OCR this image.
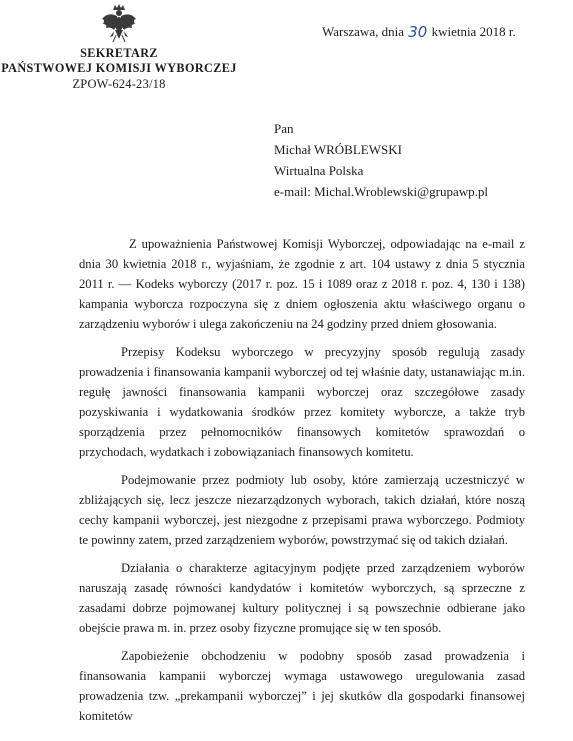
SEKRETARZ
PAŃSTWOWEJ KOMISJI WYBORCZEJ
ZPOW-624-23/18
Warszawa, dnia 30 kwietnia 2018 r.
Pan
Michał WRÓBLEWSKI
Wirtualna Polska
e-mail: Michal.Wroblewski@grupawp.pl

Z upoważnienia Państwowej Komisji Wyborczej, odpowiadając na e-mail z dnia 30 kwietnia 2018 r., wyjaśniam, że zgodnie z art. 104 ustawy z dnia 5 stycznia 2011 r. — Kodeks wyborczy (2017 r. poz. 15 i 1089 oraz z 2018 r. poz. 4, 130 i 138) kampania wyborcza rozpoczyna się z dniem ogłoszenia aktu właściwego organu o zarządzeniu wyborów i ulega zakończeniu na 24 godziny przed dniem głosowania.

Przepisy Kodeksu wyborczego w precyzyjny sposób regulują zasady prowadzenia i finansowania kampanii wyborczej od tej właśnie daty, ustanawiając m.in. regułę jawności finansowania kampanii wyborczej oraz szczegółowe zasady pozyskiwania i wydatkowania środków przez komitety wyborcze, a także tryb sporządzenia przez pełnomocników finansowych komitetów sprawozdań o przychodach, wydatkach i zobowiązaniach finansowych komitetu.

Podejmowanie przez podmioty lub osoby, które zamierzają uczestniczyć w zbliżających się, lecz jeszcze niezarządzonych wyborach, takich działań, które noszą cechy kampanii wyborczej, jest niezgodne z przepisami prawa wyborczego. Podmioty te powinny zatem, przed zarządzeniem wyborów, powstrzymać się od takich działań.

Działania o charakterze agitacyjnym podjęte przed zarządzeniem wyborów naruszają zasadę równości kandydatów i komitetów wyborczych, są sprzeczne z zasadami dobrze pojmowanej kultury politycznej i są powszechnie odbierane jako obejście prawa m. in. przez osoby fizyczne promujące się w ten sposób.

Zapobieżenie obchodzeniu w podobny sposób zasad prowadzenia i finansowania kampanii wyborczej wymaga ustawowego uregulowania zasad prowadzenia tzw. „prekampanii wyborczej” i jej skutków dla gospodarki finansowej komitetów
